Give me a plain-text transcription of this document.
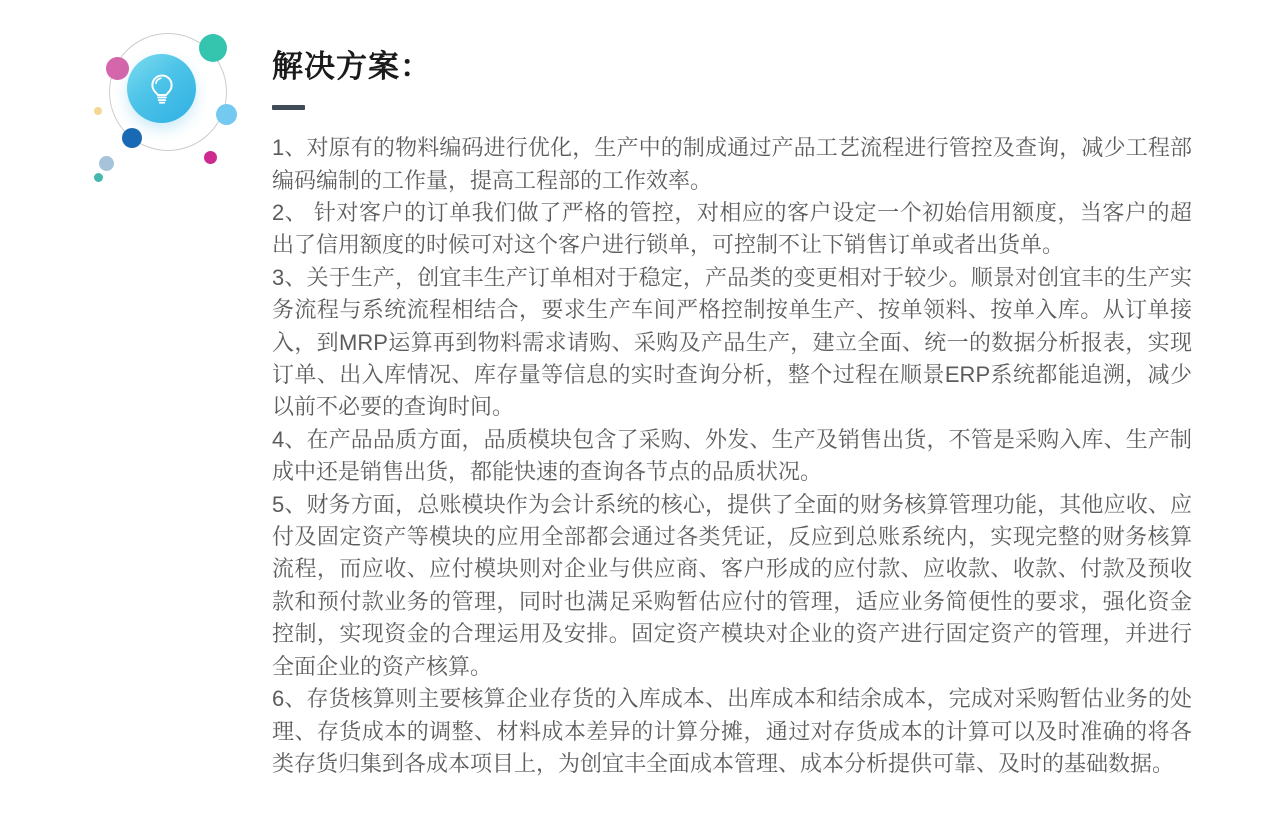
解决方案：

1、对原有的物料编码进行优化，生产中的制成通过产品工艺流程进行管控及查询，减少工程部编码编制的工作量，提高工程部的工作效率。

2、 针对客户的订单我们做了严格的管控，对相应的客户设定一个初始信用额度，当客户的超出了信用额度的时候可对这个客户进行锁单，可控制不让下销售订单或者出货单。

3、关于生产，创宜丰生产订单相对于稳定，产品类的变更相对于较少。顺景对创宜丰的生产实务流程与系统流程相结合，要求生产车间严格控制按单生产、按单领料、按单入库。从订单接入，到MRP运算再到物料需求请购、采购及产品生产，建立全面、统一的数据分析报表，实现订单、出入库情况、库存量等信息的实时查询分析，整个过程在顺景ERP系统都能追溯，减少以前不必要的查询时间。

4、在产品品质方面，品质模块包含了采购、外发、生产及销售出货，不管是采购入库、生产制成中还是销售出货，都能快速的查询各节点的品质状况。

5、财务方面，总账模块作为会计系统的核心，提供了全面的财务核算管理功能，其他应收、应付及固定资产等模块的应用全部都会通过各类凭证，反应到总账系统内，实现完整的财务核算流程，而应收、应付模块则对企业与供应商、客户形成的应付款、应收款、收款、付款及预收款和预付款业务的管理，同时也满足采购暂估应付的管理，适应业务简便性的要求，强化资金控制，实现资金的合理运用及安排。固定资产模块对企业的资产进行固定资产的管理，并进行全面企业的资产核算。

6、存货核算则主要核算企业存货的入库成本、出库成本和结余成本，完成对采购暂估业务的处理、存货成本的调整、材料成本差异的计算分摊，通过对存货成本的计算可以及时准确的将各类存货归集到各成本项目上，为创宜丰全面成本管理、成本分析提供可靠、及时的基础数据。
